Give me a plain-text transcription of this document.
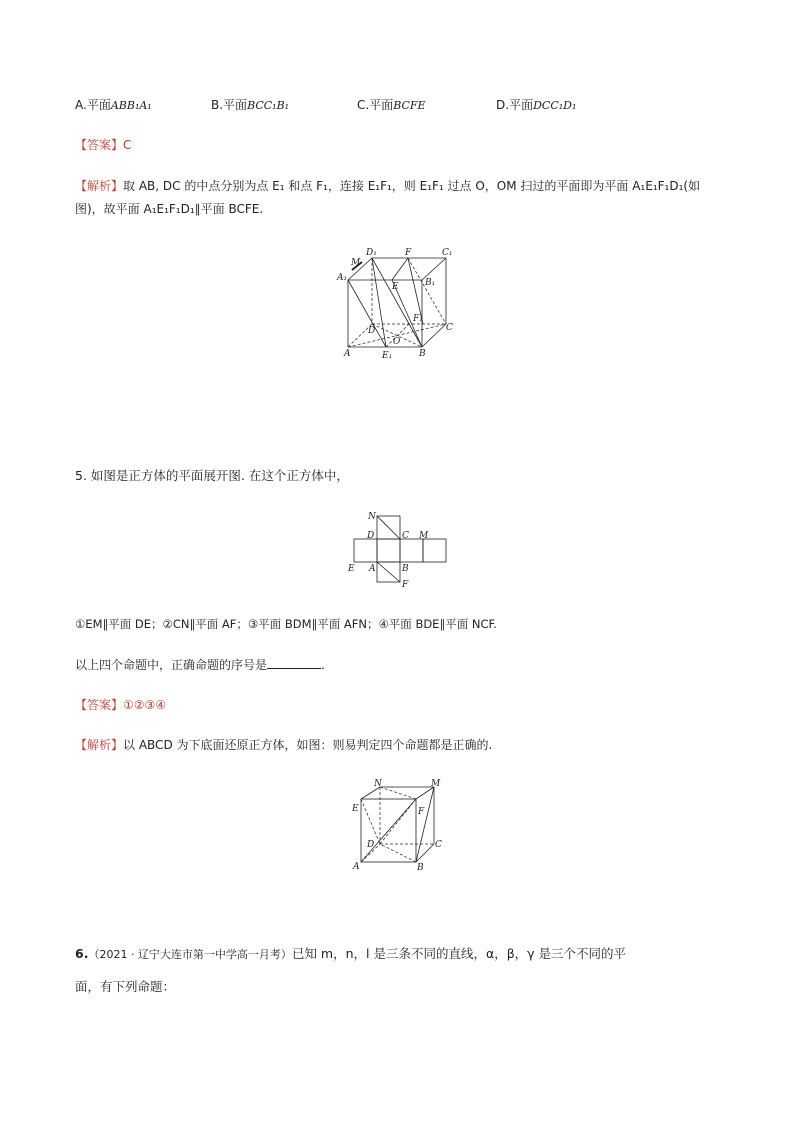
A.平面ABB₁A₁	B.平面BCC₁B₁	C.平面BCFE	D.平面DCC₁D₁
【答案】C
【解析】取 AB, DC 的中点分别为点 E₁ 和点 F₁，连接 E₁F₁，则 E₁F₁ 过点 O，OM 扫过的平面即为平面 A₁E₁F₁D₁(如
图)，故平面 A₁E₁F₁D₁∥平面 BCFE.
D₁	F	C₁
M
A₁
E	B₁
F₁
C
D
A
O
B
E₁
5. 如图是正方体的平面展开图. 在这个正方体中，
N
D	C M
E A	B
F
①EM∥平面 DE；②CN∥平面 AF；③平面 BDM∥平面 AFN；④平面 BDE∥平面 NCF.
以上四个命题中，正确命题的序号是	.
【答案】①②③④
【解析】以 ABCD 为下底面还原正方体，如图：则易判定四个命题都是正确的.
N	M
E	F
D	C
A	B
6.（2021 · 辽宁大连市第一中学高一月考）已知 m，n，l 是三条不同的直线，α，β，γ 是三个不同的平
面，有下列命题：
